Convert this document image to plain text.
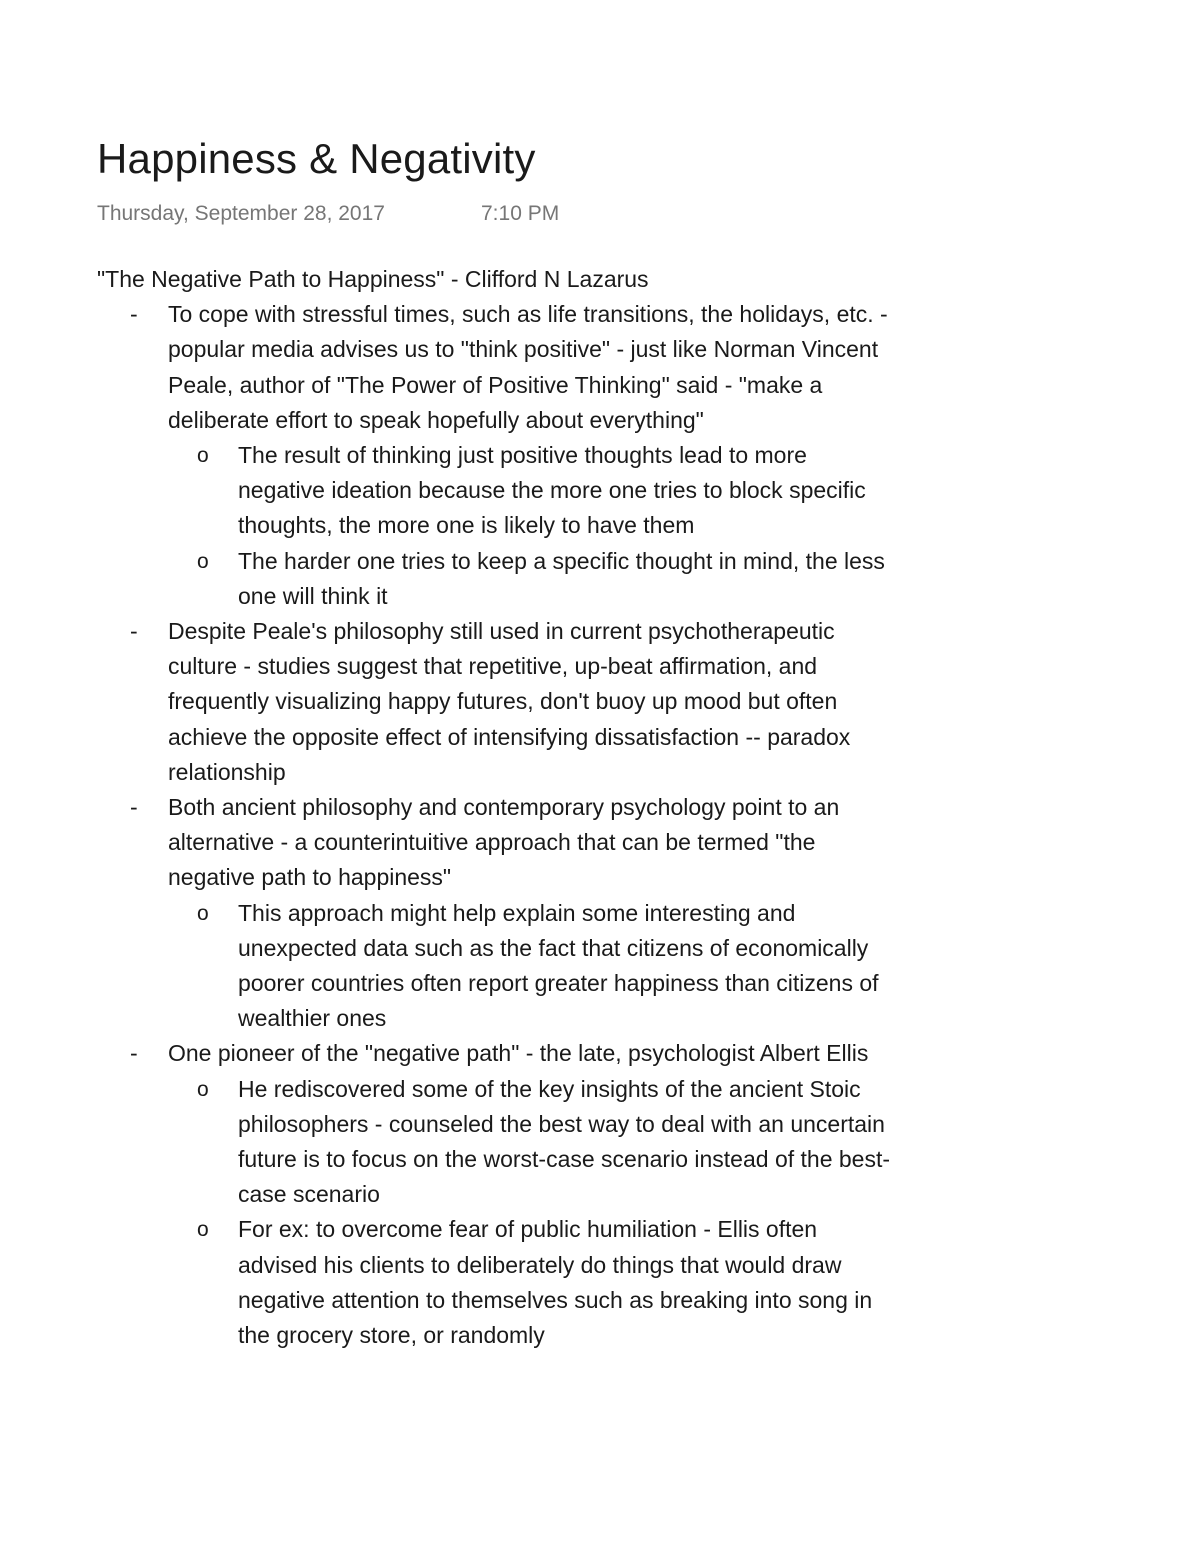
Happiness & Negativity
Thursday, September 28, 2017	7:10 PM
"The Negative Path to Happiness" - Clifford N Lazarus
- To cope with stressful times, such as life transitions, the holidays, etc. - popular media advises us to "think positive" - just like Norman Vincent Peale, author of "The Power of Positive Thinking" said - "make a deliberate effort to speak hopefully about everything"
o The result of thinking just positive thoughts lead to more negative ideation because the more one tries to block specific thoughts, the more one is likely to have them
o The harder one tries to keep a specific thought in mind, the less one will think it
- Despite Peale's philosophy still used in current psychotherapeutic culture - studies suggest that repetitive, up-beat affirmation, and frequently visualizing happy futures, don't buoy up mood but often achieve the opposite effect of intensifying dissatisfaction -- paradox relationship
- Both ancient philosophy and contemporary psychology point to an alternative - a counterintuitive approach that can be termed "the negative path to happiness"
o This approach might help explain some interesting and unexpected data such as the fact that citizens of economically poorer countries often report greater happiness than citizens of wealthier ones
- One pioneer of the "negative path" - the late, psychologist Albert Ellis
o He rediscovered some of the key insights of the ancient Stoic philosophers - counseled the best way to deal with an uncertain future is to focus on the worst-case scenario instead of the best-case scenario
o For ex: to overcome fear of public humiliation - Ellis often advised his clients to deliberately do things that would draw negative attention to themselves such as breaking into song in the grocery store, or randomly
